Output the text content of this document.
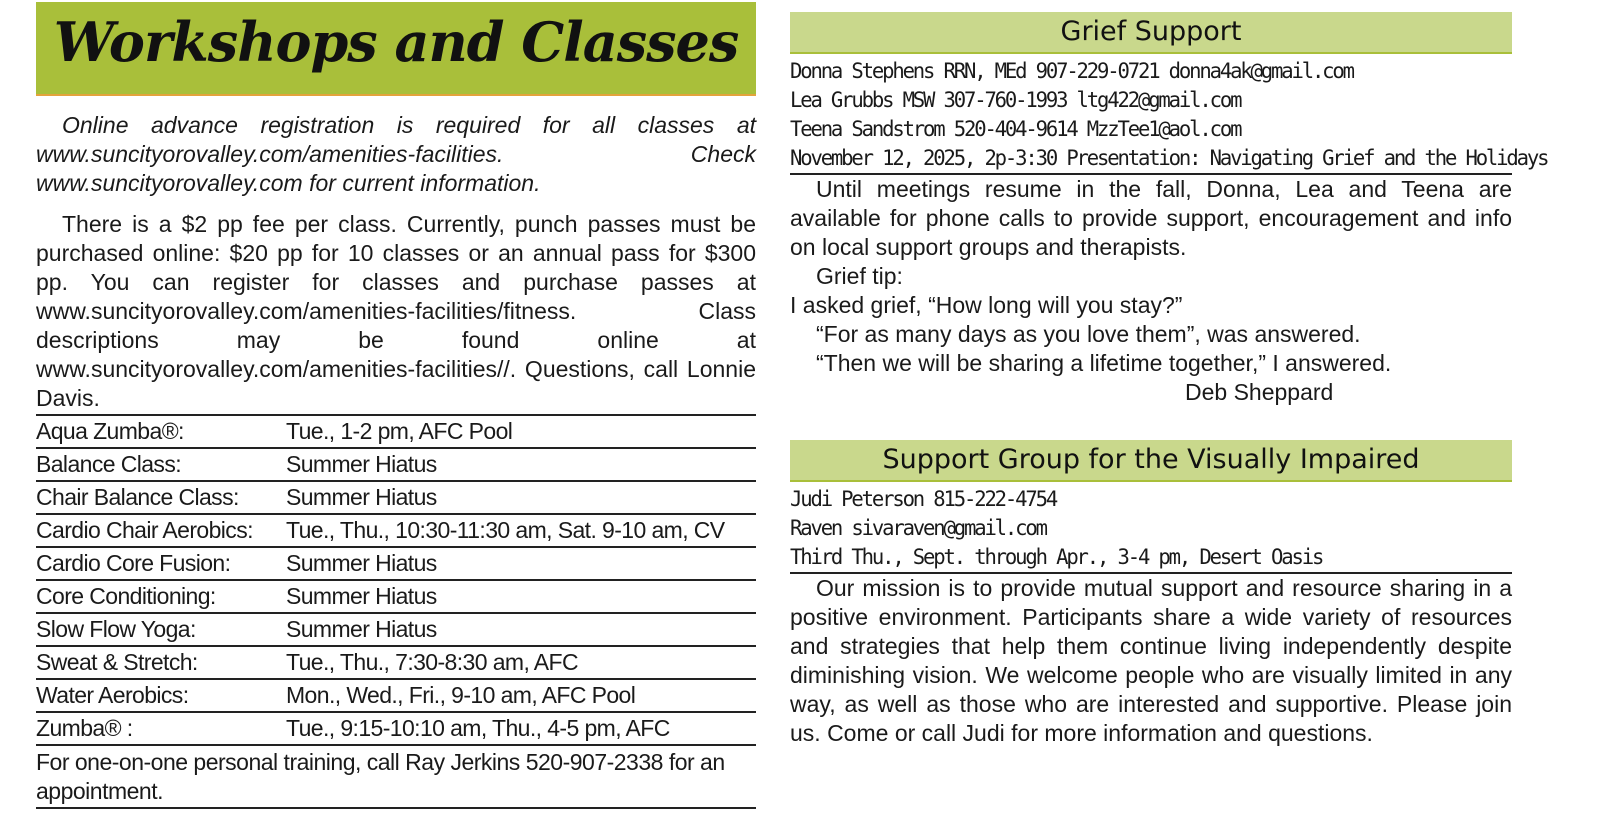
Workshops and Classes

Online advance registration is required for all classes at www.suncityorovalley.com/amenities-facilities. Check www.suncityorovalley.com for current information.

There is a $2 pp fee per class. Currently, punch passes must be purchased online: $20 pp for 10 classes or an annual pass for $300 pp. You can register for classes and purchase passes at www.suncityorovalley.com/amenities-facilities/fitness. Class descriptions may be found online at www.suncityorovalley.com/amenities-facilities//. Questions, call Lonnie Davis.

Aqua Zumba®:	Tue., 1-2 pm, AFC Pool
Balance Class:	Summer Hiatus
Chair Balance Class:	Summer Hiatus
Cardio Chair Aerobics:	Tue., Thu., 10:30-11:30 am, Sat. 9-10 am, CV
Cardio Core Fusion:	Summer Hiatus
Core Conditioning:	Summer Hiatus
Slow Flow Yoga:	Summer Hiatus
Sweat & Stretch:	Tue., Thu., 7:30-8:30 am, AFC
Water Aerobics:	Mon., Wed., Fri., 9-10 am, AFC Pool
Zumba® :	Tue., 9:15-10:10 am, Thu., 4-5 pm, AFC
For one-on-one personal training, call Ray Jerkins 520-907-2338 for an appointment.
Grief Support
Donna Stephens RRN, MEd 907-229-0721 donna4ak@gmail.com
Lea Grubbs MSW 307-760-1993 ltg422@gmail.com
Teena Sandstrom 520-404-9614 MzzTee1@aol.com
November 12, 2025, 2p-3:30 Presentation: Navigating Grief and the Holidays

Until meetings resume in the fall, Donna, Lea and Teena are available for phone calls to provide support, encouragement and info on local support groups and therapists.

Grief tip:
I asked grief, “How long will you stay?”
“For as many days as you love them”, was answered.
“Then we will be sharing a lifetime together,” I answered.
Deb Sheppard
Support Group for the Visually Impaired
Judi Peterson 815-222-4754
Raven sivaraven@gmail.com
Third Thu., Sept. through Apr., 3-4 pm, Desert Oasis

Our mission is to provide mutual support and resource sharing in a positive environment. Participants share a wide variety of resources and strategies that help them continue living independently despite diminishing vision. We welcome people who are visually limited in any way, as well as those who are interested and supportive. Please join us. Come or call Judi for more information and questions.
